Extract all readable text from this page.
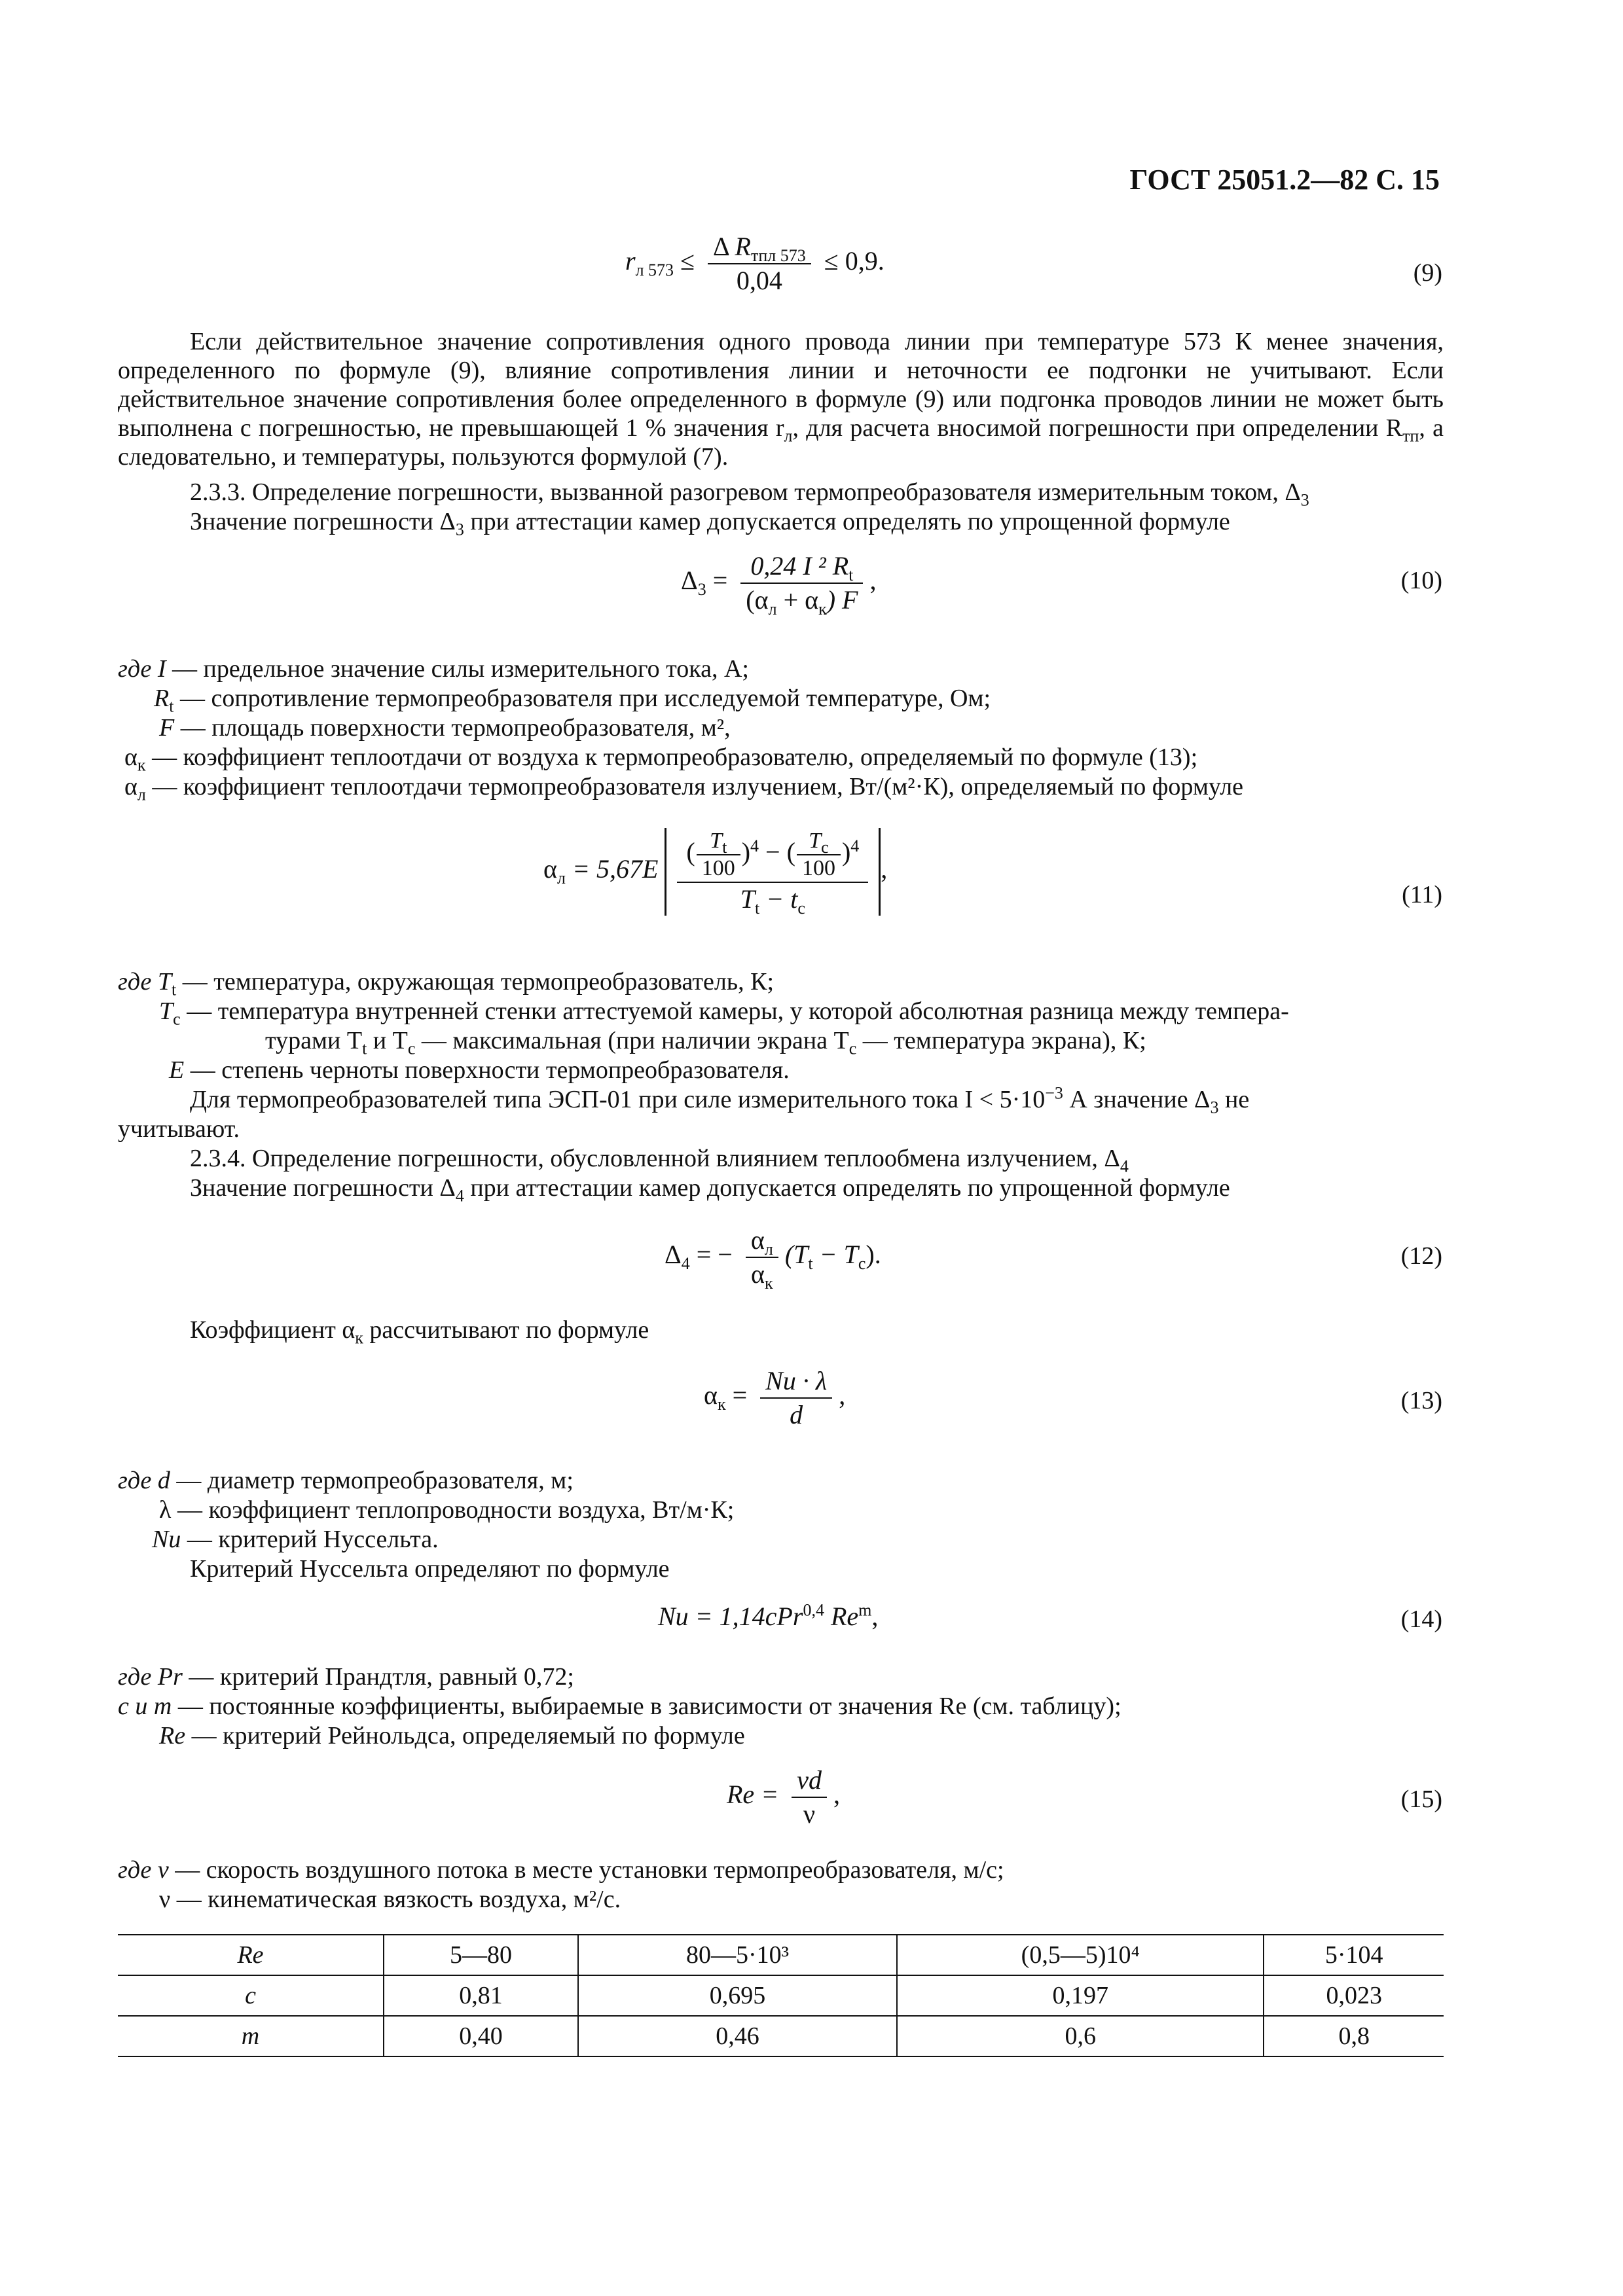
ГОСТ 25051.2—82 С. 15
$r_{л 573} \le \frac{\Delta R_{тпл 573}}{0,04} \le 0,9$.	(9)
Если действительное значение сопротивления одного провода линии при температуре 573 К менее значения, определенного по формуле (9), влияние сопротивления линии и неточности ее подгонки не учитывают. Если действительное значение сопротивления более определенного в формуле (9) или подгонка проводов линии не может быть выполнена с погрешностью, не превышающей 1 % значения $r_л$, для расчета вносимой погрешности при определении $R_{тп}$, а следовательно, и температуры, пользуются формулой (7).
2.3.3. Определение погрешности, вызванной разогревом термопреобразователя измерительным током, $\Delta_3$
Значение погрешности $\Delta_3$ при аттестации камер допускается определять по упрощенной формуле
$\Delta_3 = \frac{0,24 I ^2 R_t}{(\alpha_л + \alpha_к) F}$ ,	(10)
где I — предельное значение силы измерительного тока, А;
$R_t$ — сопротивление термопреобразователя при исследуемой температуре, Ом;
F — площадь поверхности термопреобразователя, м²,
$\alpha_к$ — коэффициент теплоотдачи от воздуха к термопреобразователю, определяемый по формуле (13);
$\alpha_л$ — коэффициент теплоотдачи термопреобразователя излучением, Вт/(м²·К), определяемый по формуле
$\alpha_л = 5,67E \frac{( \frac{T_t}{100} )^4 - ( \frac{T_c}{100} )^4}{T_t - t_c}$ ,
(11)
где $T_t$ — температура, окружающая термопреобразователь, К;
$T_c$ — температура внутренней стенки аттестуемой камеры, у которой абсолютная разница между темпера-
турами $T_t$ и $T_c$ — максимальная (при наличии экрана $T_c$ — температура экрана), К;
E — степень черноты поверхности термопреобразователя.
Для термопреобразователей типа ЭСП-01 при силе измерительного тока $I < 5\cdot 10^{-3}$ А значение $\Delta_3$ не
учитывают.
2.3.4. Определение погрешности, обусловленной влиянием теплообмена излучением, $\Delta_4$
Значение погрешности $\Delta_4$ при аттестации камер допускается определять по упрощенной формуле
$\Delta_4$ = − $\frac{\alpha_л}{\alpha_к} (T_t - T_c)$.	(12)
Коэффициент $\alpha_к$ рассчитывают по формуле
$\alpha_к = \frac{Nu \cdot \lambda}{d}$ ,	(13)
где d — диаметр термопреобразователя, м;
λ — коэффициент теплопроводности воздуха, Вт/м·К;
Nu — критерий Нуссельта.
Критерий Нуссельта определяют по формуле
Nu = 1,14cPr$^{0,4}$ Re$^m$,	(14)
где Pr — критерий Прандтля, равный 0,72;
c и m — постоянные коэффициенты, выбираемые в зависимости от значения Re (см. таблицу);
Re — критерий Рейнольдса, определяемый по формуле
$Re = \frac{vd}{\nu}$ ,	(15)
где v — скорость воздушного потока в месте установки термопреобразователя, м/с;
ν — кинематическая вязкость воздуха, м²/с.
Re	5—80	80—5·10³	(0,5—5)10⁴	5·104
c	0,81	0,695	0,197	0,023
m	0,40	0,46	0,6	0,8
